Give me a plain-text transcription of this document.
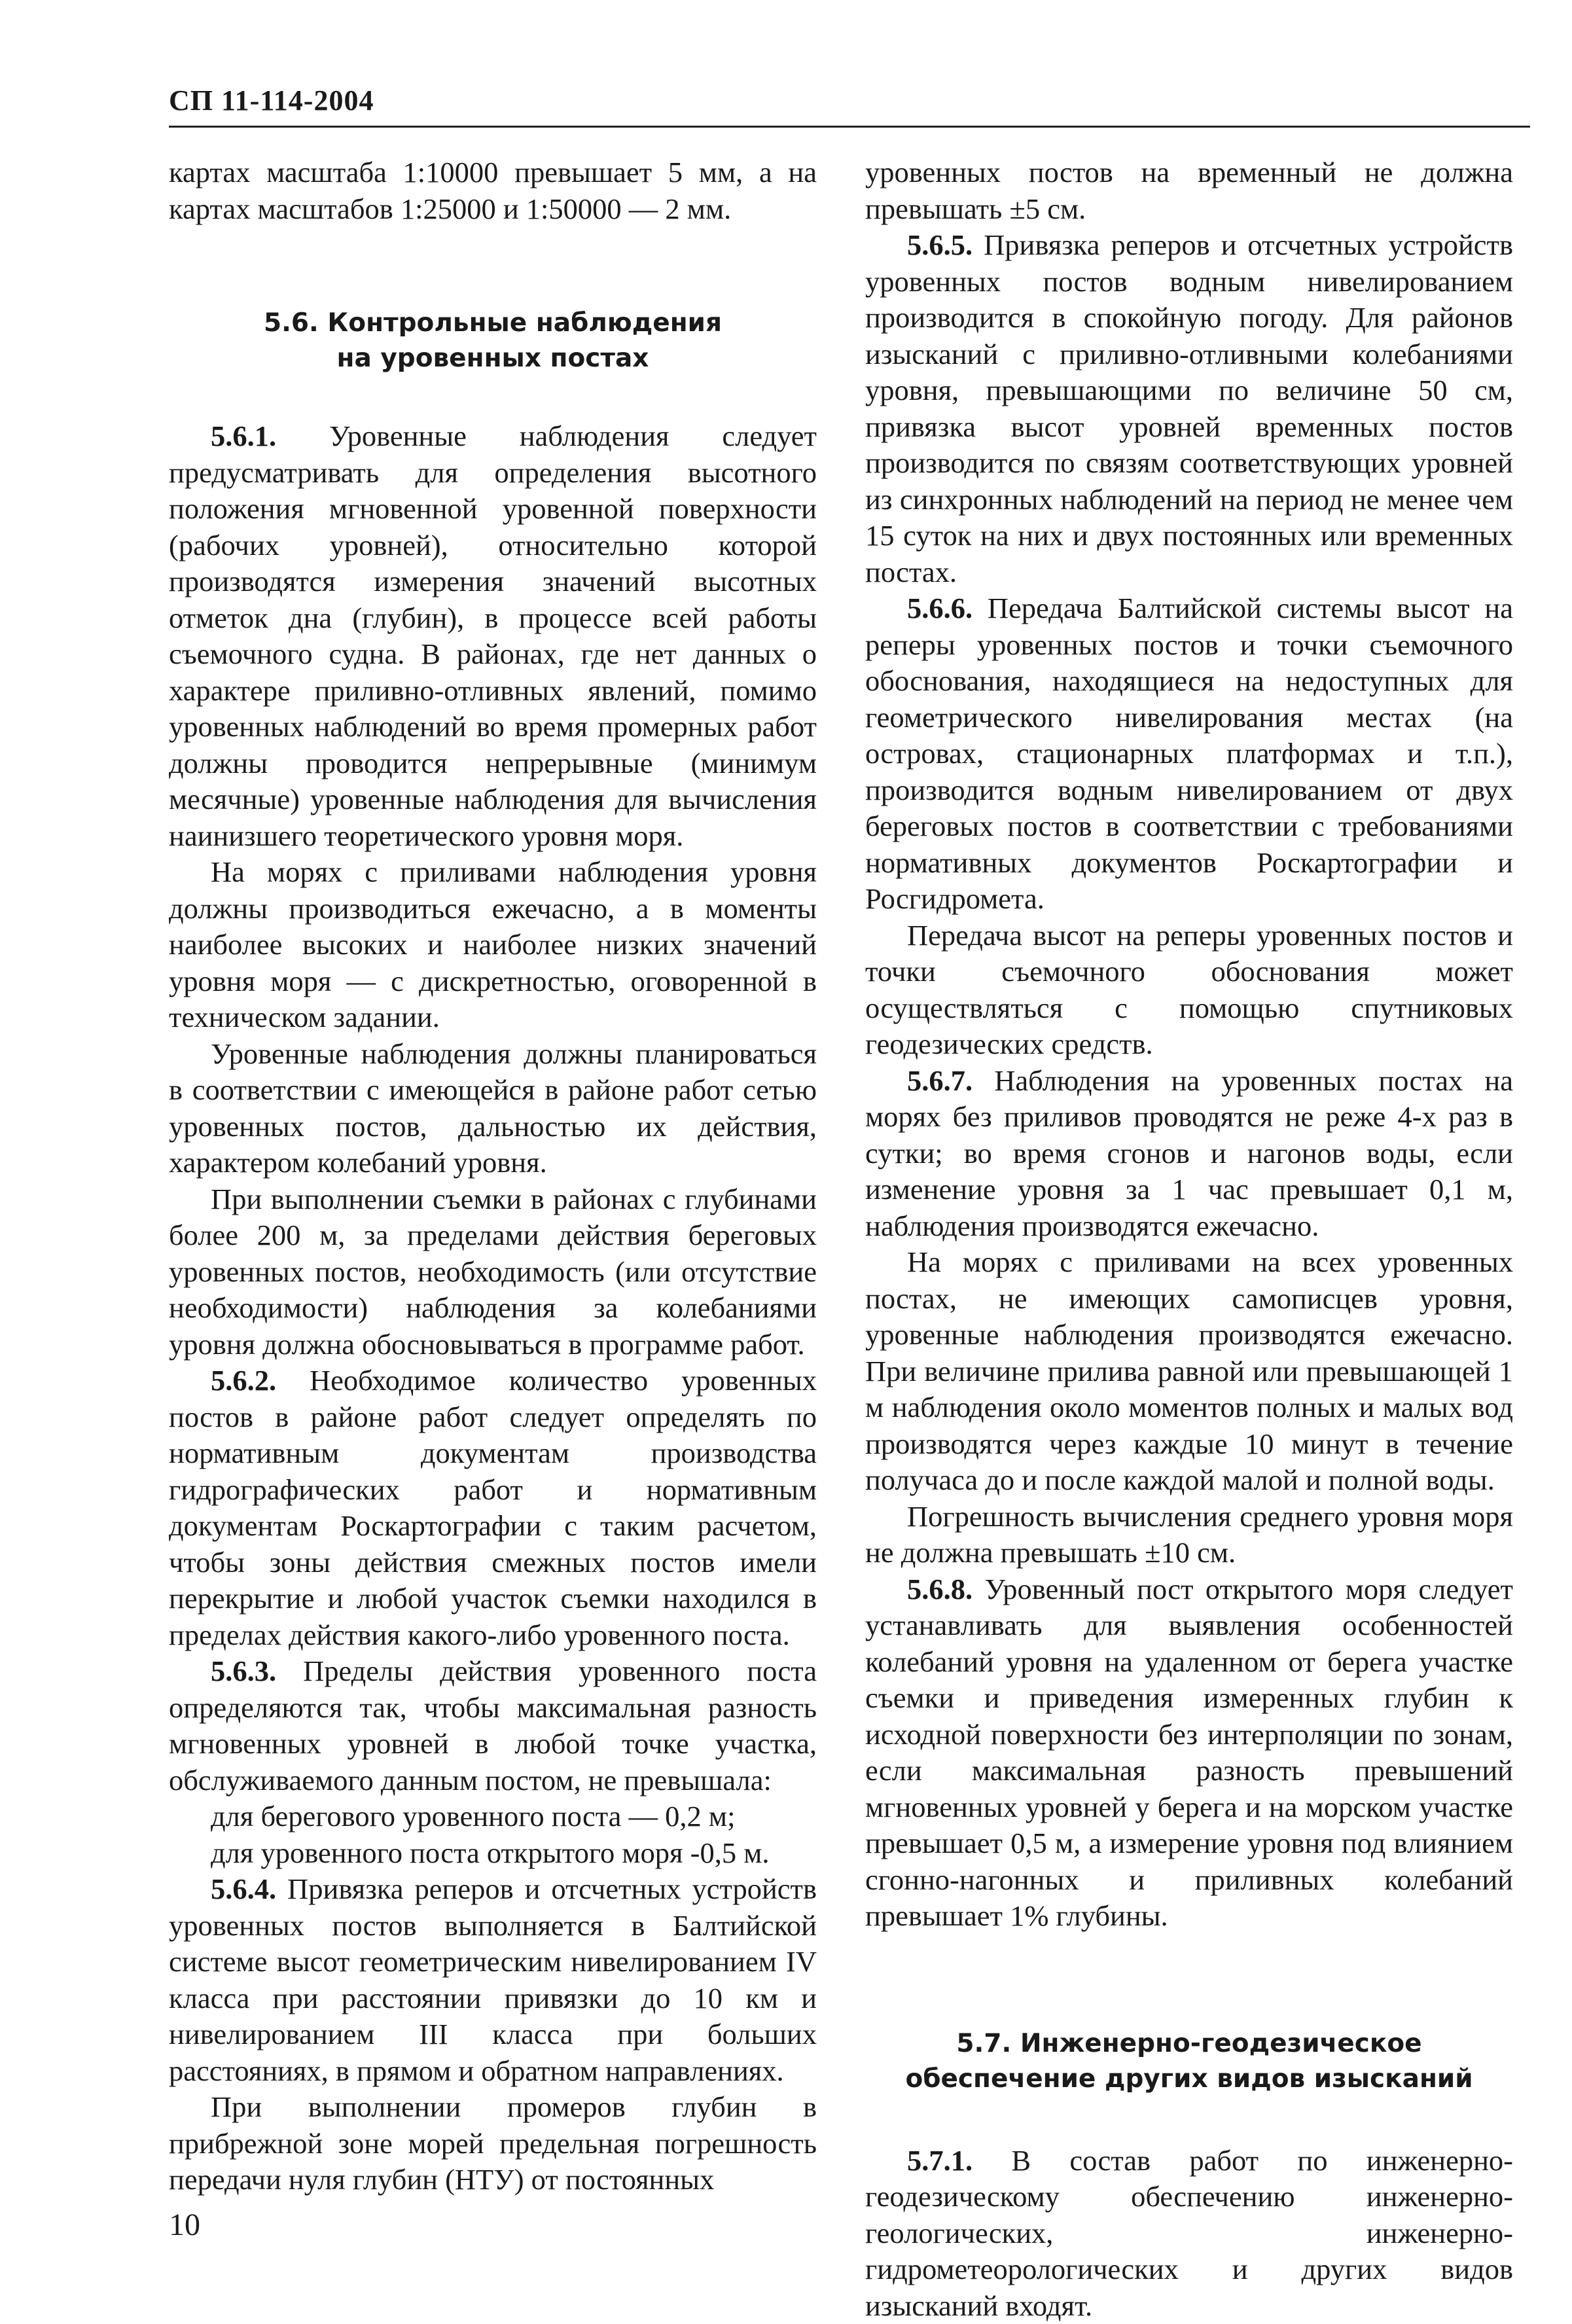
СП 11-114-2004

картах масштаба 1:10000 превышает 5 мм, а на картах масштабов 1:25000 и 1:50000 — 2 мм.

5.6. Контрольные наблюдения
на уровенных постах

5.6.1. Уровенные наблюдения следует предусматривать для определения высотного положения мгновенной уровенной поверхности (рабочих уровней), относительно которой производятся измерения значений высотных отметок дна (глубин), в процессе всей работы съемочного судна. В районах, где нет данных о характере приливно-отливных явлений, помимо уровенных наблюдений во время промерных работ должны проводится непрерывные (минимум месячные) уровенные наблюдения для вычисления наинизшего теоретического уровня моря.

На морях с приливами наблюдения уровня должны производиться ежечасно, а в моменты наиболее высоких и наиболее низких значений уровня моря — с дискретностью, оговоренной в техническом задании.

Уровенные наблюдения должны планироваться в соответствии с имеющейся в районе работ сетью уровенных постов, дальностью их действия, характером колебаний уровня.

При выполнении съемки в районах с глубинами более 200 м, за пределами действия береговых уровенных постов, необходимость (или отсутствие необходимости) наблюдения за колебаниями уровня должна обосновываться в программе работ.

5.6.2. Необходимое количество уровенных постов в районе работ следует определять по нормативным документам производства гидрографических работ и нормативным документам Роскартографии с таким расчетом, чтобы зоны действия смежных постов имели перекрытие и любой участок съемки находился в пределах действия какого-либо уровенного поста.

5.6.3. Пределы действия уровенного поста определяются так, чтобы максимальная разность мгновенных уровней в любой точке участка, обслуживаемого данным постом, не превышала:

для берегового уровенного поста — 0,2 м;

для уровенного поста открытого моря -0,5 м.

5.6.4. Привязка реперов и отсчетных устройств уровенных постов выполняется в Балтийской системе высот геометрическим нивелированием IV класса при расстоянии привязки до 10 км и нивелированием III класса при больших расстояниях, в прямом и обратном направлениях.

При выполнении промеров глубин в прибрежной зоне морей предельная погрешность передачи нуля глубин (НТУ) от постоянных

уровенных постов на временный не должна превышать ±5 см.

5.6.5. Привязка реперов и отсчетных устройств уровенных постов водным нивелированием производится в спокойную погоду. Для районов изысканий с приливно-отливными колебаниями уровня, превышающими по величине 50 см, привязка высот уровней временных постов производится по связям соответствующих уровней из синхронных наблюдений на период не менее чем 15 суток на них и двух постоянных или временных постах.

5.6.6. Передача Балтийской системы высот на реперы уровенных постов и точки съемочного обоснования, находящиеся на недоступных для геометрического нивелирования местах (на островах, стационарных платформах и т.п.), производится водным нивелированием от двух береговых постов в соответствии с требованиями нормативных документов Роскартографии и Росгидромета.

Передача высот на реперы уровенных постов и точки съемочного обоснования может осуществляться с помощью спутниковых геодезических средств.

5.6.7. Наблюдения на уровенных постах на морях без приливов проводятся не реже 4-х раз в сутки; во время сгонов и нагонов воды, если изменение уровня за 1 час превышает 0,1 м, наблюдения производятся ежечасно.

На морях с приливами на всех уровенных постах, не имеющих самописцев уровня, уровенные наблюдения производятся ежечасно. При величине прилива равной или превышающей 1 м наблюдения около моментов полных и малых вод производятся через каждые 10 минут в течение получаса до и после каждой малой и полной воды.

Погрешность вычисления среднего уровня моря не должна превышать ±10 см.

5.6.8. Уровенный пост открытого моря следует устанавливать для выявления особенностей колебаний уровня на удаленном от берега участке съемки и приведения измеренных глубин к исходной поверхности без интерполяции по зонам, если максимальная разность превышений мгновенных уровней у берега и на морском участке превышает 0,5 м, а измерение уровня под влиянием сгонно-нагонных и приливных колебаний превышает 1% глубины.

5.7. Инженерно-геодезическое
обеспечение других видов изысканий

5.7.1. В состав работ по инженерно-геодезическому обеспечению инженерно-геологических, инженерно-гидрометеорологических и других видов изысканий входят.

10
